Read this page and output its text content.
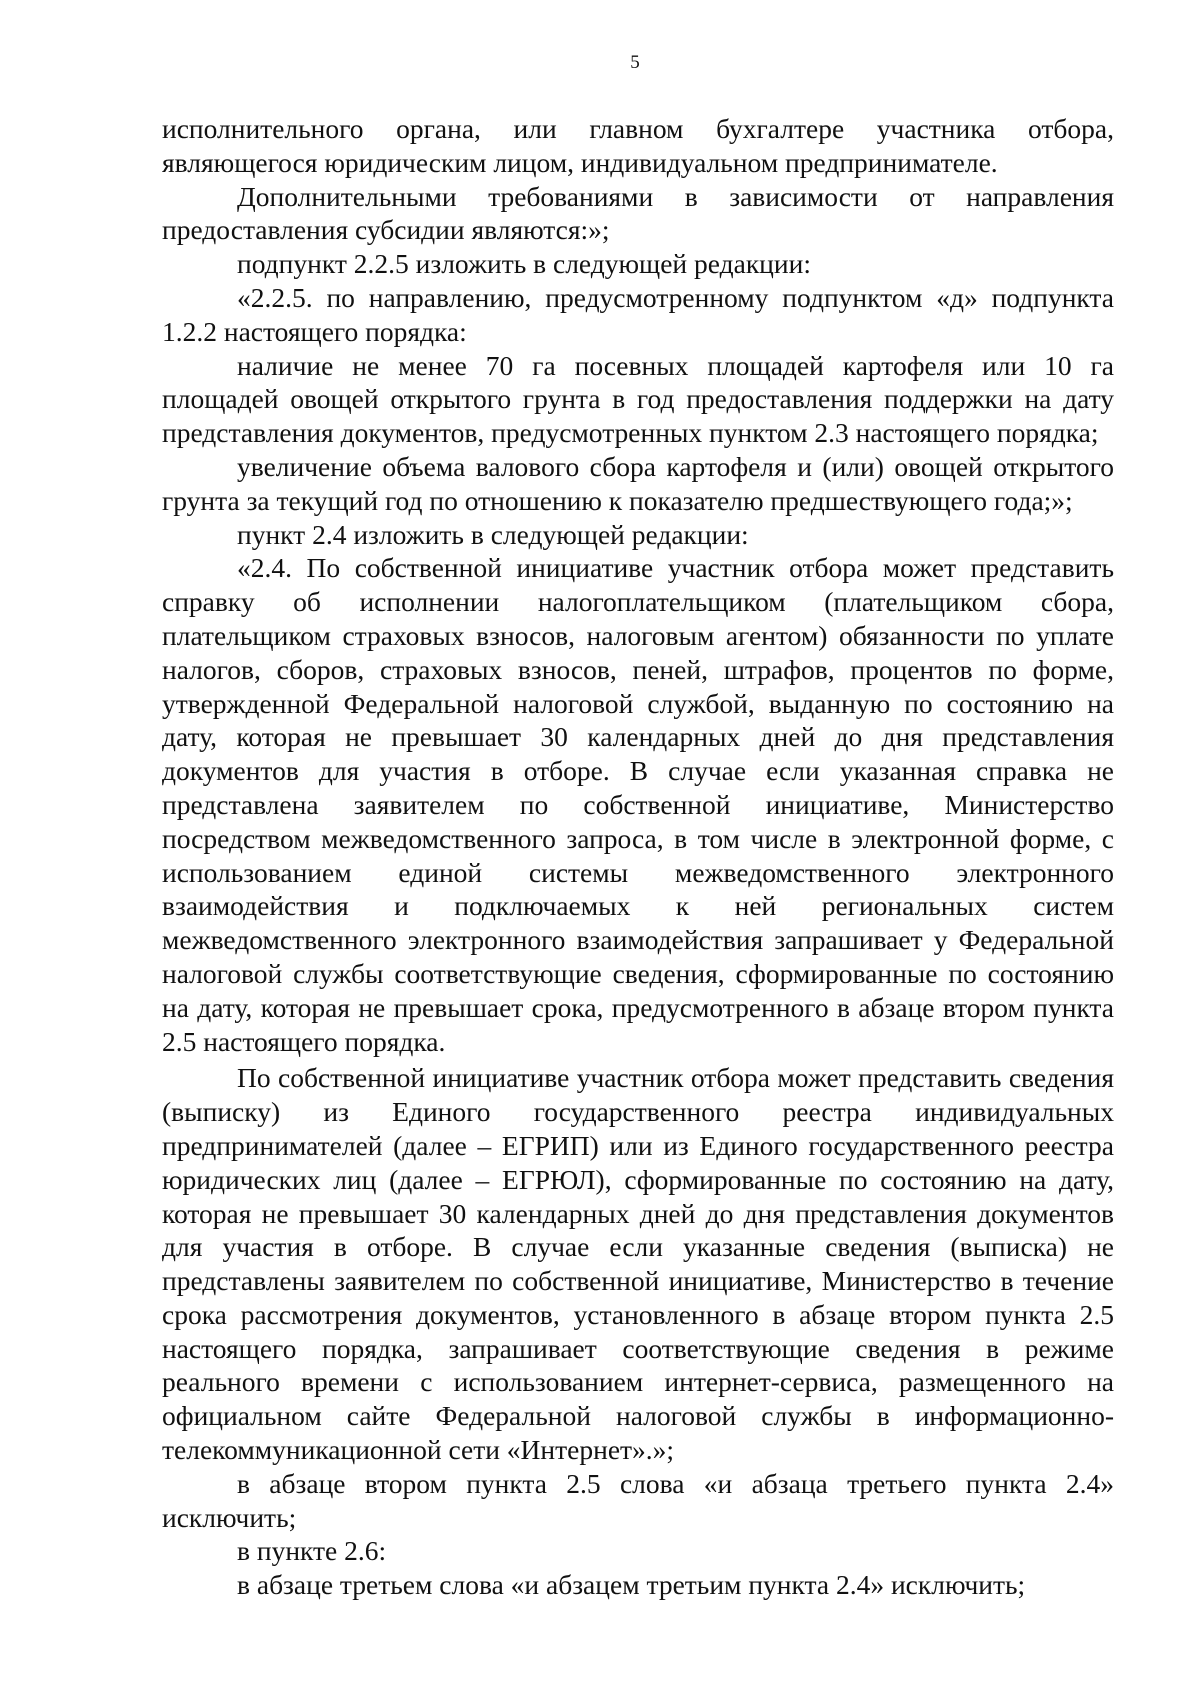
5

исполнительного органа, или главном бухгалтере участника отбора, являющегося юридическим лицом, индивидуальном предпринимателе.

Дополнительными требованиями в зависимости от направления предоставления субсидии являются:»;

подпункт 2.2.5 изложить в следующей редакции:

«2.2.5. по направлению, предусмотренному подпунктом «д» подпункта 1.2.2 настоящего порядка:

наличие не менее 70 га посевных площадей картофеля или 10 га площадей овощей открытого грунта в год предоставления поддержки на дату представления документов, предусмотренных пунктом 2.3 настоящего порядка;

увеличение объема валового сбора картофеля и (или) овощей открытого грунта за текущий год по отношению к показателю предшествующего года;»;

пункт 2.4 изложить в следующей редакции:

«2.4. По собственной инициативе участник отбора может представить справку об исполнении налогоплательщиком (плательщиком сбора, плательщиком страховых взносов, налоговым агентом) обязанности по уплате налогов, сборов, страховых взносов, пеней, штрафов, процентов по форме, утвержденной Федеральной налоговой службой, выданную по состоянию на дату, которая не превышает 30 календарных дней до дня представления документов для участия в отборе. В случае если указанная справка не представлена заявителем по собственной инициативе, Министерство посредством межведомственного запроса, в том числе в электронной форме, с использованием единой системы межведомственного электронного взаимодействия и подключаемых к ней региональных систем межведомственного электронного взаимодействия запрашивает у Федеральной налоговой службы соответствующие сведения, сформированные по состоянию на дату, которая не превышает срока, предусмотренного в абзаце втором пункта 2.5 настоящего порядка.

По собственной инициативе участник отбора может представить сведения (выписку) из Единого государственного реестра индивидуальных предпринимателей (далее – ЕГРИП) или из Единого государственного реестра юридических лиц (далее – ЕГРЮЛ), сформированные по состоянию на дату, которая не превышает 30 календарных дней до дня представления документов для участия в отборе. В случае если указанные сведения (выписка) не представлены заявителем по собственной инициативе, Министерство в течение срока рассмотрения документов, установленного в абзаце втором пункта 2.5 настоящего порядка, запрашивает соответствующие сведения в режиме реального времени с использованием интернет-сервиса, размещенного на официальном сайте Федеральной налоговой службы в информационно-телекоммуникационной сети «Интернет».»;

в абзаце втором пункта 2.5 слова «и абзаца третьего пункта 2.4» исключить;

в пункте 2.6:

в абзаце третьем слова «и абзацем третьим пункта 2.4» исключить;
